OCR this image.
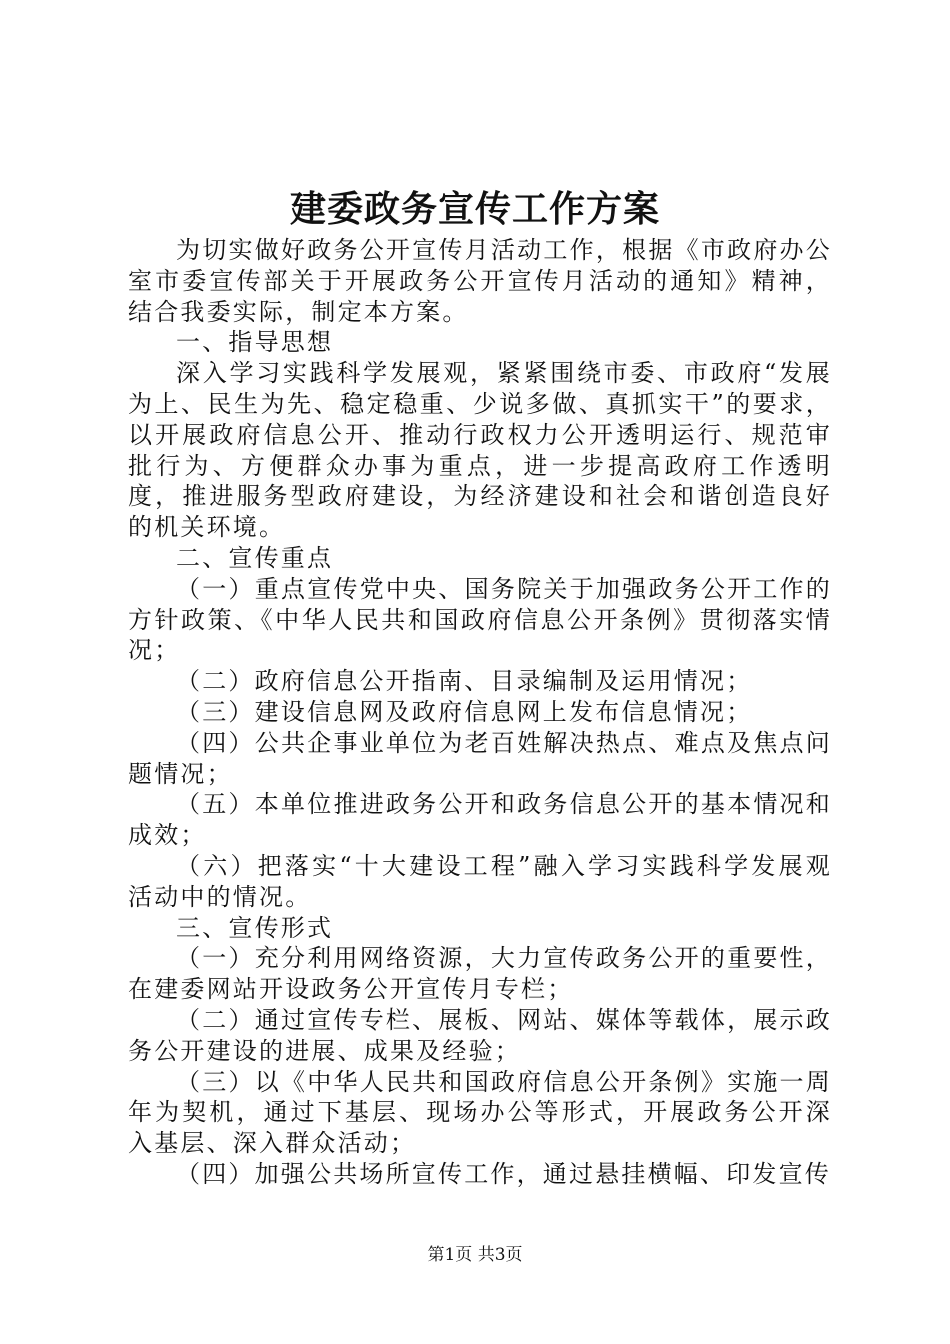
建委政务宣传工作方案

为切实做好政务公开宣传月活动工作，根据《市政府办公室市委宣传部关于开展政务公开宣传月活动的通知》精神，结合我委实际，制定本方案。

一、指导思想

深入学习实践科学发展观，紧紧围绕市委、市政府“发展为上、民生为先、稳定稳重、少说多做、真抓实干”的要求，以开展政府信息公开、推动行政权力公开透明运行、规范审批行为、方便群众办事为重点，进一步提高政府工作透明度，推进服务型政府建设，为经济建设和社会和谐创造良好的机关环境。

二、宣传重点

（一）重点宣传党中央、国务院关于加强政务公开工作的方针政策、《中华人民共和国政府信息公开条例》贯彻落实情况；

（二）政府信息公开指南、目录编制及运用情况；

（三）建设信息网及政府信息网上发布信息情况；

（四）公共企事业单位为老百姓解决热点、难点及焦点问题情况；

（五）本单位推进政务公开和政务信息公开的基本情况和成效；

（六）把落实“十大建设工程”融入学习实践科学发展观活动中的情况。

三、宣传形式

（一）充分利用网络资源，大力宣传政务公开的重要性，在建委网站开设政务公开宣传月专栏；

（二）通过宣传专栏、展板、网站、媒体等载体，展示政务公开建设的进展、成果及经验；

（三）以《中华人民共和国政府信息公开条例》实施一周年为契机，通过下基层、现场办公等形式，开展政务公开深入基层、深入群众活动；

（四）加强公共场所宣传工作，通过悬挂横幅、印发宣传

第1页 共3页
